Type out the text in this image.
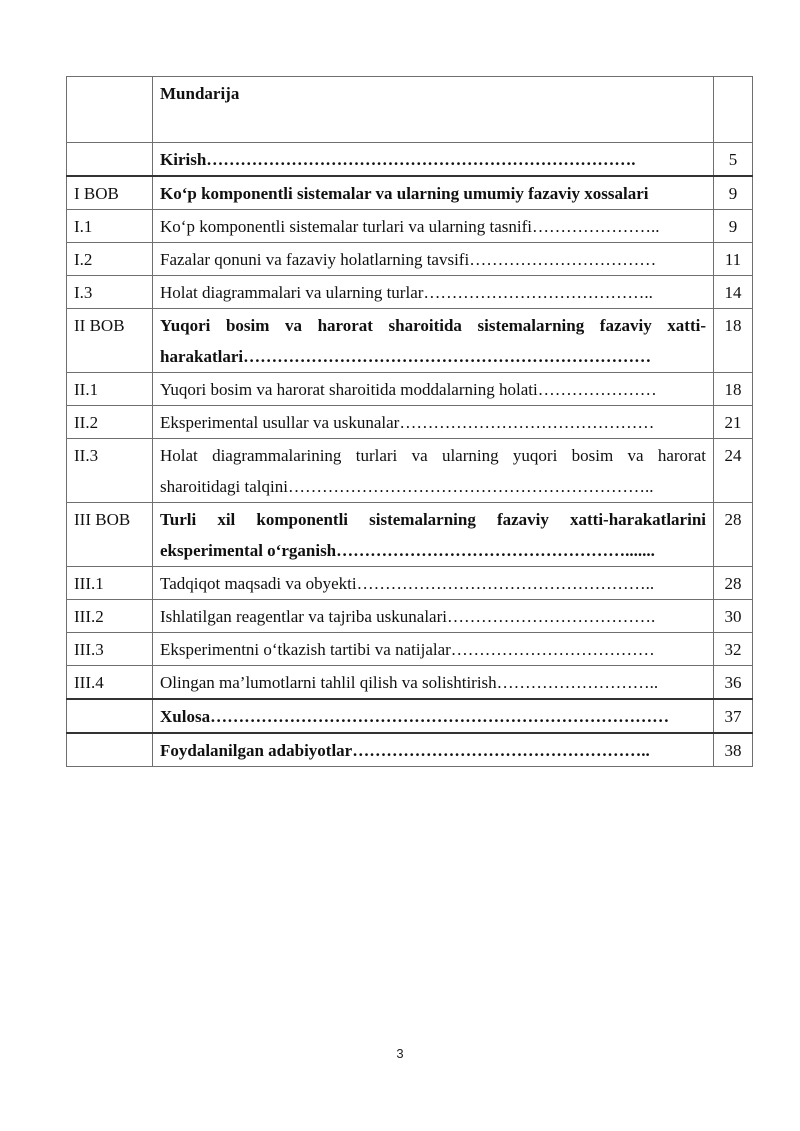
	Mundarija	
	Kirish………………………………………………………………….	5
I BOB	Ko‘p komponentli sistemalar va ularning umumiy fazaviy xossalari	9
I.1	Ko‘p komponentli sistemalar turlari va ularning tasnifi…………………..	9
I.2	Fazalar qonuni va fazaviy holatlarning tavsifi……………………………	11
I.3	Holat diagrammalari va ularning turlar…………………………………..	14
II BOB	Yuqori bosim va harorat sharoitida sistemalarning fazaviy xatti-harakatlari………………………………………………………………	18
II.1	Yuqori bosim va harorat sharoitida moddalarning holati…………………	18
II.2	Eksperimental usullar va uskunalar………………………………………	21
II.3	Holat diagrammalarining turlari va ularning yuqori bosim va harorat sharoitidagi talqini………………………………………………………..	24
III BOB	Turli xil komponentli sistemalarning fazaviy xatti-harakatlarini eksperimental o‘rganish…………………………………………….......	28
III.1	Tadqiqot maqsadi va obyekti……………………………………………..	28
III.2	Ishlatilgan reagentlar va tajriba uskunalari……………………………….	30
III.3	Eksperimentni o‘tkazish tartibi va natijalar………………………………	32
III.4	Olingan ma’lumotlarni tahlil qilish va solishtirish………………………..	36
	Xulosa………………………………………………………………………	37
	Foydalanilgan adabiyotlar……………………………………………..	38
3
